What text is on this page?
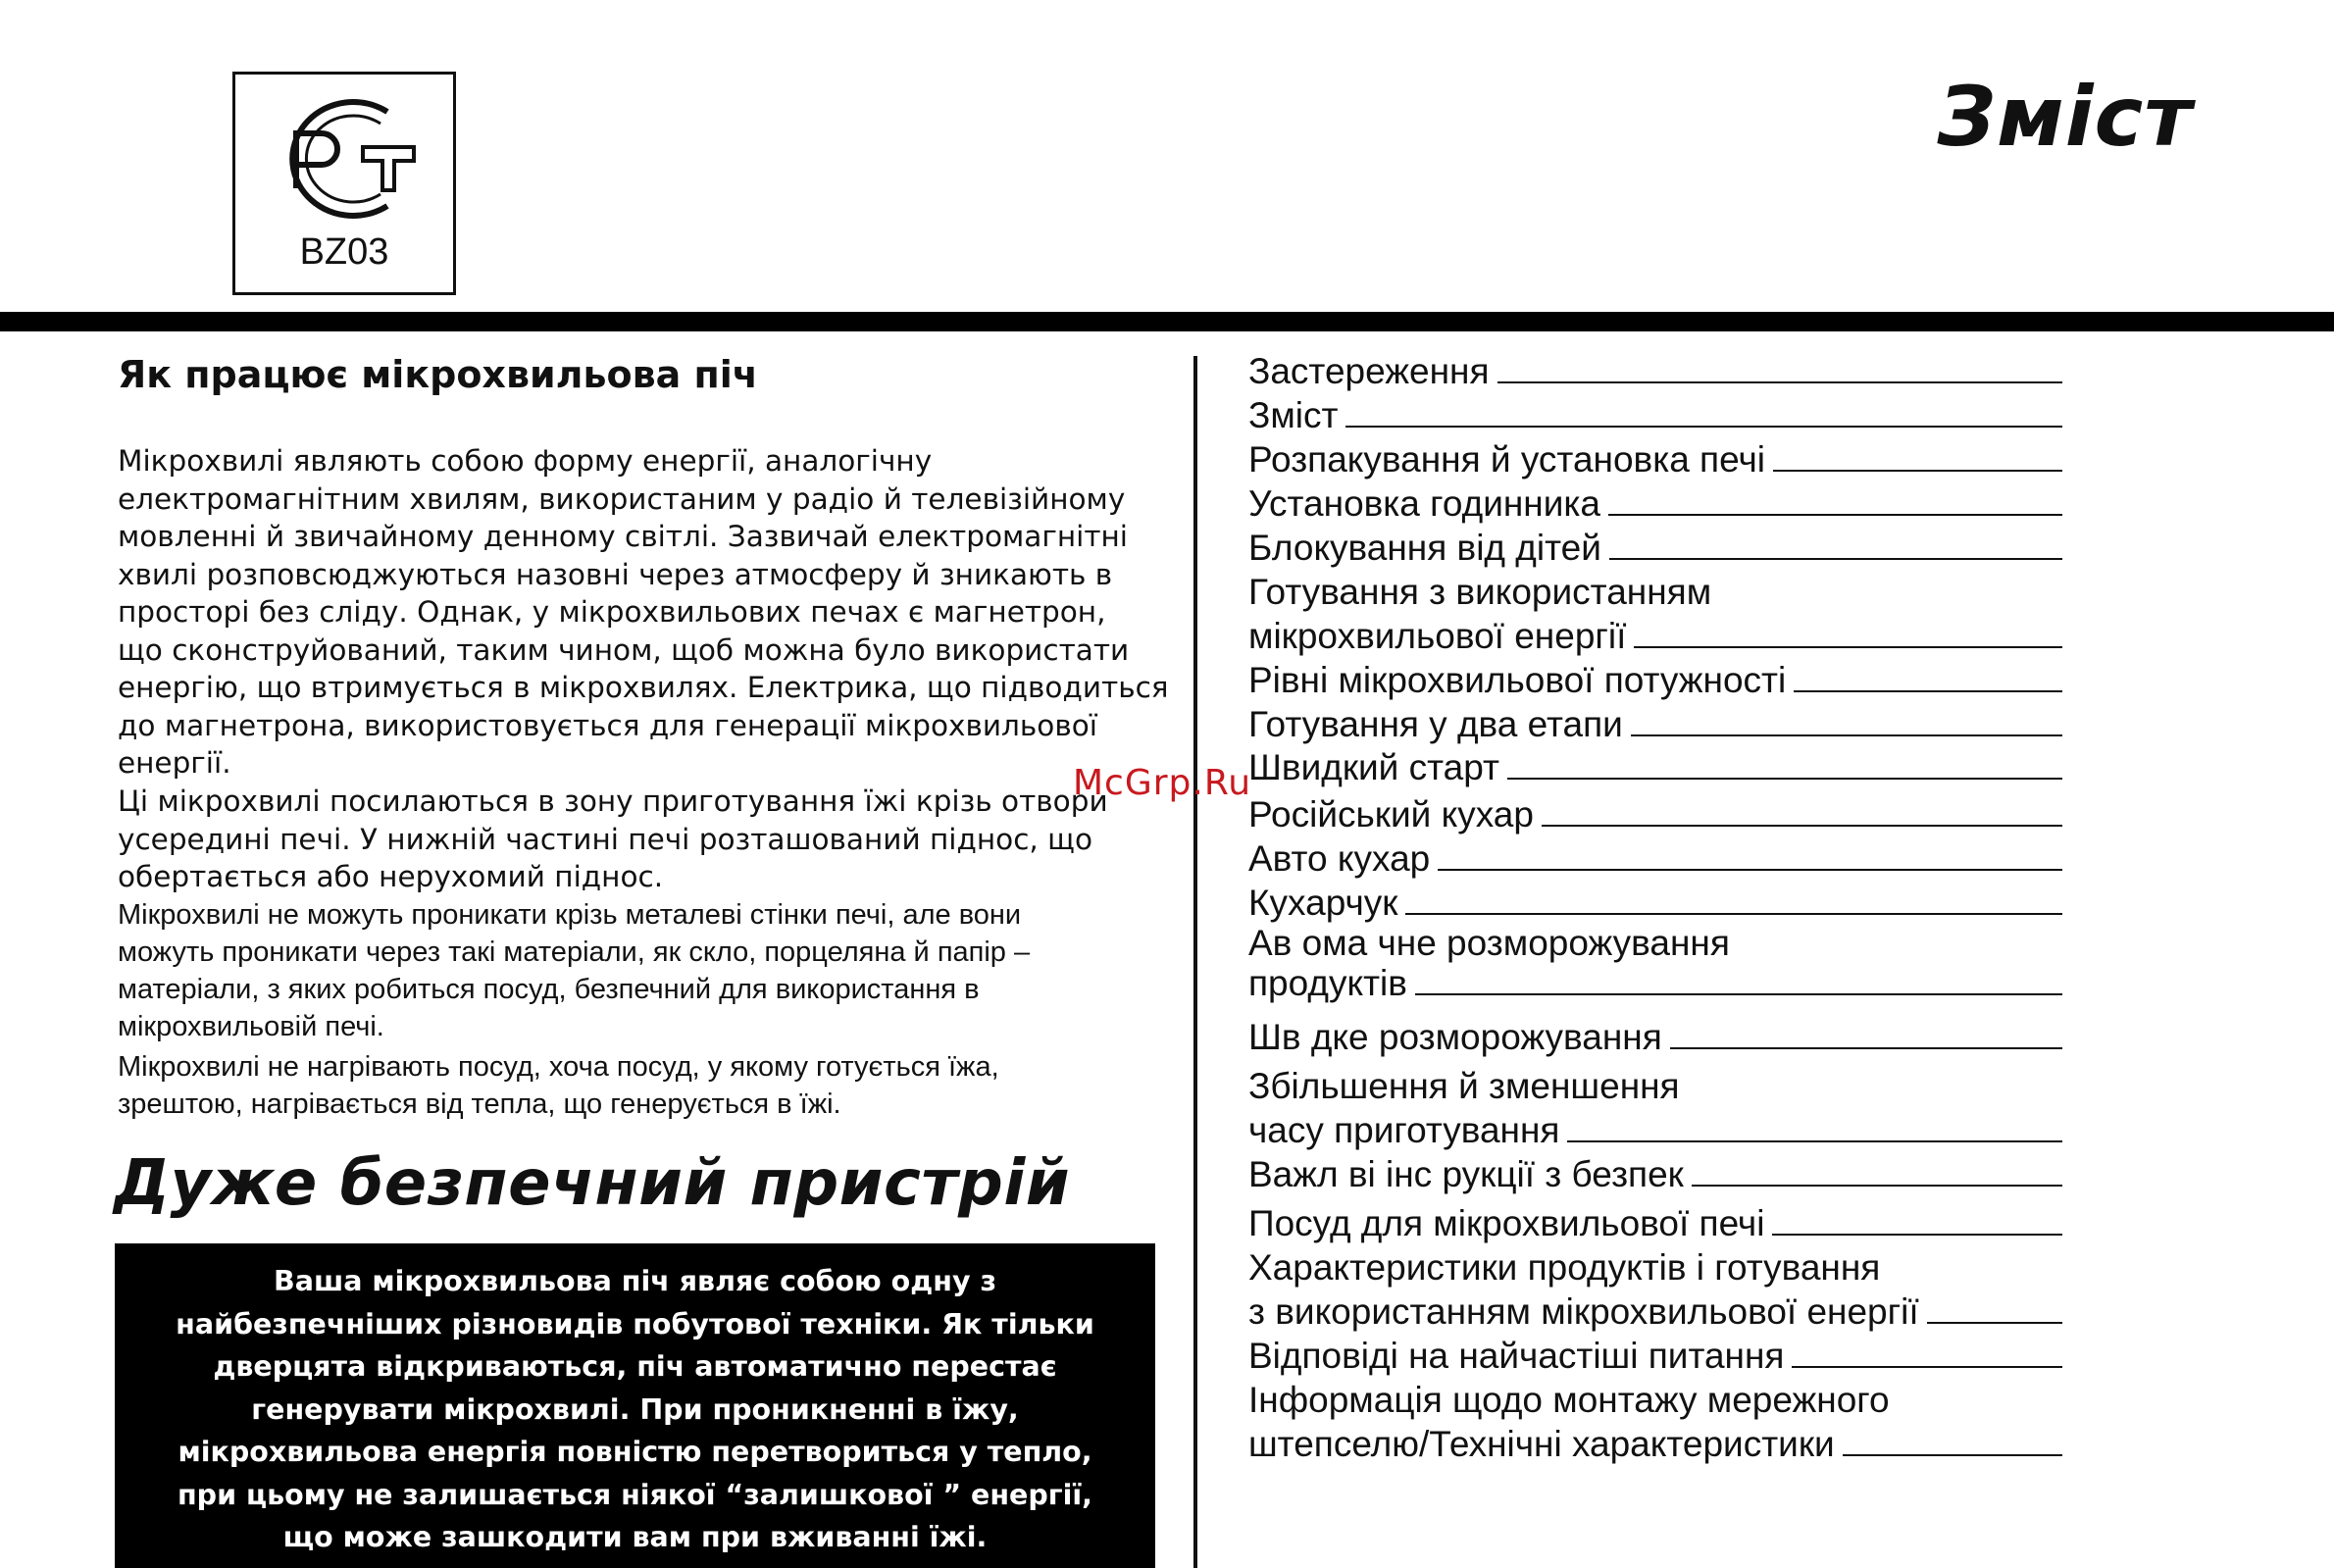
BZ03
Зміст
Як працює мікрохвильова піч
Мікрохвилі являють собою форму енергії, аналогічну
електромагнітним хвилям, використаним у радіо й телевізійному
мовленні й звичайному денному світлі. Зазвичай електромагнітні
хвилі розповсюджуються назовні через атмосферу й зникають в
просторі без сліду. Однак, у мікрохвильових печах є магнетрон,
що сконструйований, таким чином, щоб можна було використати
енергію, що втримується в мікрохвилях. Електрика, що підводиться
до магнетрона, використовується для генерації мікрохвильової
енергії.
Ці мікрохвилі посилаються в зону приготування їжі крізь отвори
усередині печі. У нижній частині печі розташований піднос, що
обертається або нерухомий піднос.
Мікрохвилі не можуть проникати крізь металеві стінки печі, але вони
можуть проникати через такі матеріали, як скло, порцеляна й папір –
матеріали, з яких робиться посуд, безпечний для використання в
мікрохвильовій печі.
Мікрохвилі не нагрівають посуд, хоча посуд, у якому готується їжа,
зрештою, нагрівається від тепла, що генерується в їжі.
Дуже безпечний пристрій
Ваша мікрохвильова піч являє собою одну з
найбезпечніших різновидів побутової техніки. Як тільки
дверцята відкриваються, піч автоматично перестає
генерувати мікрохвилі. При проникненні в їжу,
мікрохвильова енергія повністю перетвориться у тепло,
при цьому не залишається ніякої “залишкової ” енергії,
що може зашкодити вам при вживанні їжі.
McGrp.Ru
Застереження
Зміст
Розпакування й установка печі
Установка годинника
Блокування від дітей
Готування з використанням
мікрохвильової енергії
Рівні мікрохвильової потужності
Готування у два етапи
Швидкий старт
Російський кухар
Авто кухар
Кухарчук
Ав ома чне розморожування
продуктів
Шв дке розморожування
Збільшення й зменшення
часу приготування
Важл ві інс рукції з безпек
Посуд для мікрохвильової печі
Характеристики продуктів і готування
з використанням мікрохвильової енергії
Відповіді на найчастіші питання
Інформація щодо монтажу мережного
штепселю/Технічні характеристики
